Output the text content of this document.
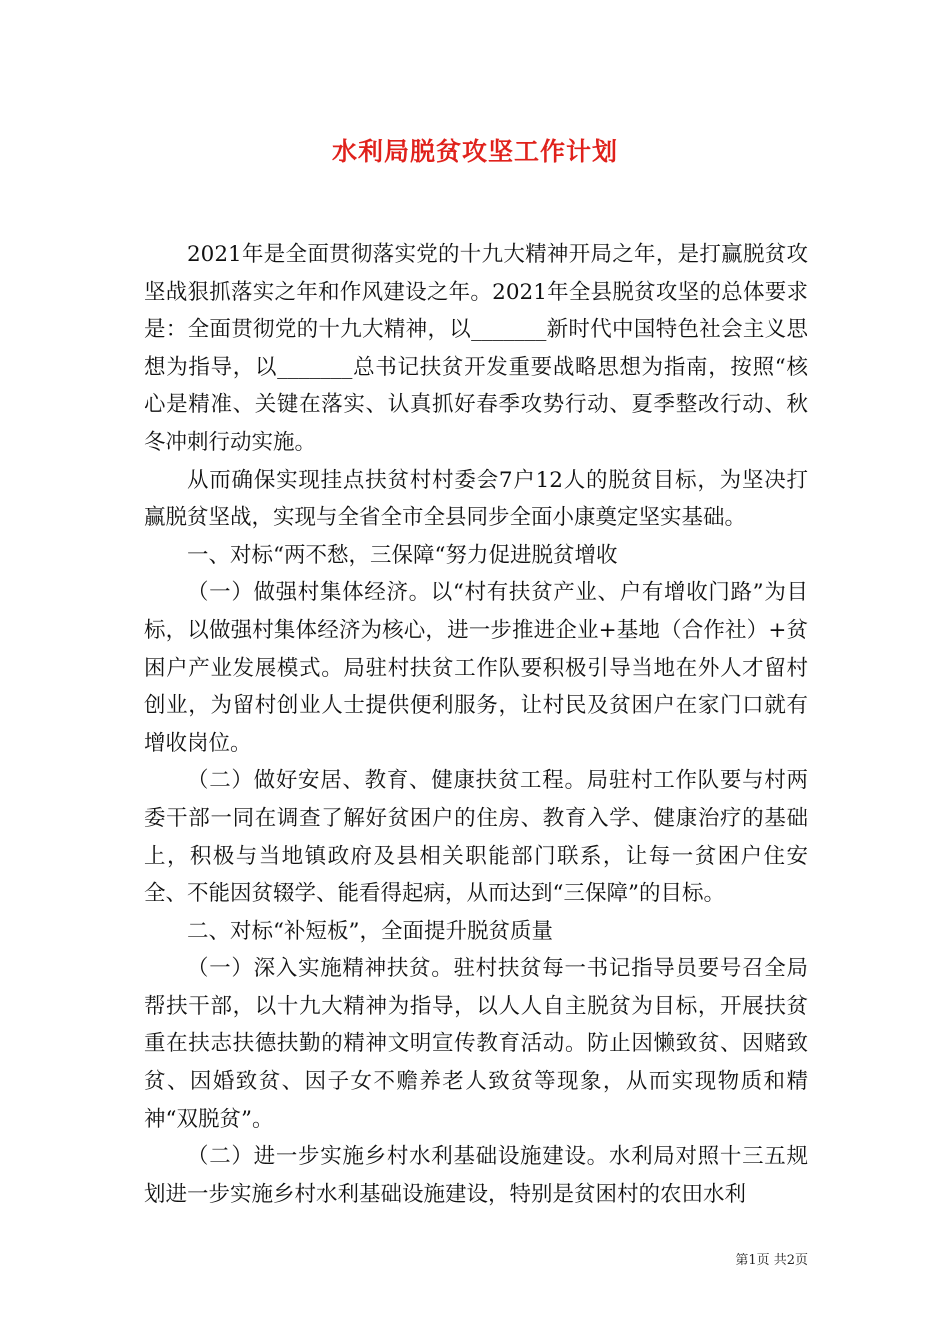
水利局脱贫攻坚工作计划

2021年是全面贯彻落实党的十九大精神开局之年，是打赢脱贫攻坚战狠抓落实之年和作风建设之年。2021年全县脱贫攻坚的总体要求是：全面贯彻党的十九大精神，以_______新时代中国特色社会主义思想为指导，以_______总书记扶贫开发重要战略思想为指南，按照“核心是精准、关键在落实、认真抓好春季攻势行动、夏季整改行动、秋冬冲刺行动实施。

从而确保实现挂点扶贫村村委会7户12人的脱贫目标，为坚决打赢脱贫坚战，实现与全省全市全县同步全面小康奠定坚实基础。

一、对标“两不愁，三保障“努力促进脱贫增收

（一）做强村集体经济。以“村有扶贫产业、户有增收门路”为目标，以做强村集体经济为核心，进一步推进企业+基地（合作社）+贫困户产业发展模式。局驻村扶贫工作队要积极引导当地在外人才留村创业，为留村创业人士提供便利服务，让村民及贫困户在家门口就有增收岗位。

（二）做好安居、教育、健康扶贫工程。局驻村工作队要与村两委干部一同在调查了解好贫困户的住房、教育入学、健康治疗的基础上，积极与当地镇政府及县相关职能部门联系，让每一贫困户住安全、不能因贫辍学、能看得起病，从而达到“三保障”的目标。

二、对标“补短板”，全面提升脱贫质量

（一）深入实施精神扶贫。驻村扶贫每一书记指导员要号召全局帮扶干部，以十九大精神为指导，以人人自主脱贫为目标，开展扶贫重在扶志扶德扶勤的精神文明宣传教育活动。防止因懒致贫、因赌致贫、因婚致贫、因子女不赡养老人致贫等现象，从而实现物质和精神“双脱贫”。

（二）进一步实施乡村水利基础设施建设。水利局对照十三五规划进一步实施乡村水利基础设施建设，特别是贫困村的农田水利

第1页 共2页
